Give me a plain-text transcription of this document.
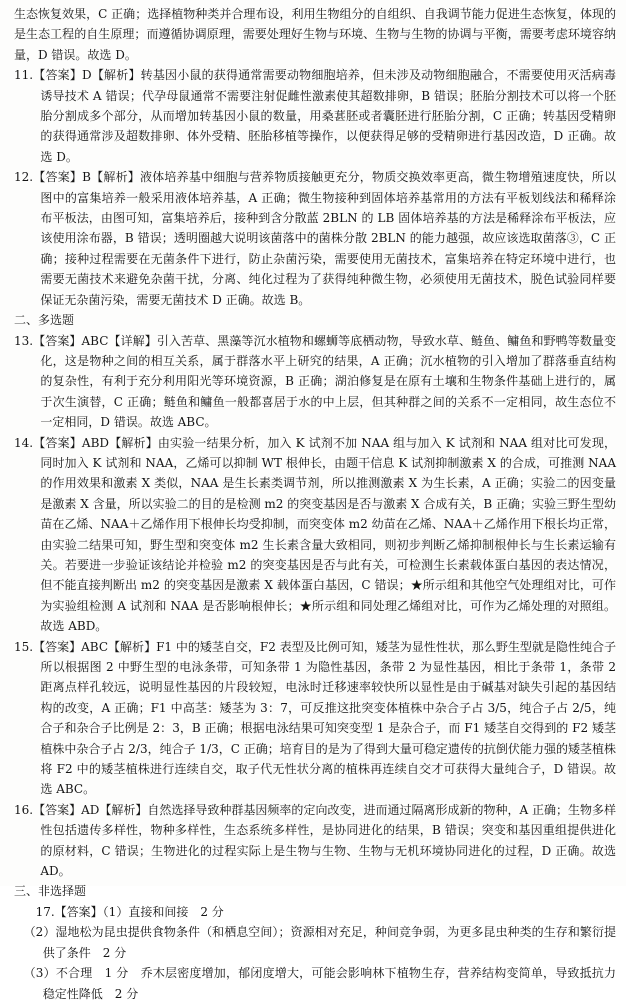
生态恢复效果，C 正确；选择植物种类并合理布设，利用生物组分的自组织、自我调节能力促进生态恢复，体现的是生态工程的自生原理；而遵循协调原理，需要处理好生物与环境、生物与生物的协调与平衡，需要考虑环境容纳量，D 错误。故选 D。

11.【答案】D【解析】转基因小鼠的获得通常需要动物细胞培养，但未涉及动物细胞融合，不需要使用灭活病毒诱导技术 A 错误；代孕母鼠通常不需要注射促雌性激素使其超数排卵，B 错误；胚胎分割技术可以将一个胚胎分割成多个部分，从而增加转基因小鼠的数量，用桑葚胚或者囊胚进行胚胎分割，C 正确；转基因受精卵的获得通常涉及超数排卵、体外受精、胚胎移植等操作，以便获得足够的受精卵进行基因改造，D 正确。故选 D。

12.【答案】B【解析】液体培养基中细胞与营养物质接触更充分，物质交换效率更高，微生物增殖速度快，所以图中的富集培养一般采用液体培养基，A 正确；微生物接种到固体培养基常用的方法有平板划线法和稀释涂布平板法，由图可知，富集培养后，接种到含分散蓝 2BLN 的 LB 固体培养基的方法是稀释涂布平板法，应该使用涂布器，B 错误；透明圈越大说明该菌落中的菌株分散 2BLN 的能力越强，故应该选取菌落③，C 正确；接种过程需要在无菌条件下进行，防止杂菌污染，需要使用无菌技术，富集培养在特定环境中进行，也需要无菌技术来避免杂菌干扰，分离、纯化过程为了获得纯种微生物，必须使用无菌技术，脱色试验同样要保证无杂菌污染，需要无菌技术 D 正确。故选 B。

二、多选题

13.【答案】ABC【详解】引入苦草、黑藻等沉水植物和螺蛳等底栖动物，导致水草、鲢鱼、鳙鱼和野鸭等数量变化，这是物种之间的相互关系，属于群落水平上研究的结果，A 正确；沉水植物的引入增加了群落垂直结构的复杂性，有利于充分利用阳光等环境资源，B 正确；湖泊修复是在原有土壤和生物条件基础上进行的，属于次生演替，C 正确；鲢鱼和鳙鱼一般都喜居于水的中上层，但其种群之间的关系不一定相同，故生态位不一定相同，D 错误。故选 ABC。

14.【答案】ABD【解析】由实验一结果分析，加入 K 试剂不加 NAA 组与加入 K 试剂和 NAA 组对比可发现，同时加入 K 试剂和 NAA，乙烯可以抑制 WT 根伸长，由题干信息 K 试剂抑制激素 X 的合成，可推测 NAA 的作用效果和激素 X 类似，NAA 是生长素类调节剂，所以推测激素 X 为生长素，A 正确；实验二的因变量是激素 X 含量，所以实验二的目的是检测 m2 的突变基因是否与激素 X 合成有关，B 正确；实验三野生型幼苗在乙烯、NAA＋乙烯作用下根伸长均受抑制，而突变体 m2 幼苗在乙烯、NAA＋乙烯作用下根长均正常，由实验二结果可知，野生型和突变体 m2 生长素含量大致相同，则初步判断乙烯抑制根伸长与生长素运输有关。若要进一步验证该结论并检验 m2 的突变基因是否与此有关，可检测生长素载体蛋白基因的表达情况，但不能直接判断出 m2 的突变基因是激素 X 载体蛋白基因，C 错误；★所示组和其他空气处理组对比，可作为实验组检测 A 试剂和 NAA 是否影响根伸长；★所示组和同处理乙烯组对比，可作为乙烯处理的对照组。故选 ABD。

15.【答案】ABC【解析】F1 中的矮茎自交，F2 表型及比例可知，矮茎为显性性状，那么野生型就是隐性纯合子所以根据图 2 中野生型的电泳条带，可知条带 1 为隐性基因，条带 2 为显性基因，相比于条带 1，条带 2 距离点样孔较远，说明显性基因的片段较短，电泳时迁移速率较快所以显性是由于碱基对缺失引起的基因结构的改变，A 正确；F1 中高茎：矮茎为 3：7，可反推这批突变体植株中杂合子占 3/5，纯合子占 2/5，纯合子和杂合子比例是 2：3，B 正确；根据电泳结果可知突变型 1 是杂合子，而 F1 矮茎自交得到的 F2 矮茎植株中杂合子占 2/3，纯合子 1/3，C 正确；培育目的是为了得到大量可稳定遗传的抗倒伏能力强的矮茎植株将 F2 中的矮茎植株进行连续自交，取子代无性状分离的植株再连续自交才可获得大量纯合子，D 错误。故选 ABC。

16.【答案】AD【解析】自然选择导致种群基因频率的定向改变，进而通过隔离形成新的物种，A 正确；生物多样性包括遗传多样性，物种多样性，生态系统多样性，是协同进化的结果，B 错误；突变和基因重组提供进化的原材料，C 错误；生物进化的过程实际上是生物与生物、生物与无机环境协同进化的过程，D 正确。故选 AD。

三、非选择题

17.【答案】（1）直接和间接　2 分

（2）湿地松为昆虫提供食物条件（和栖息空间）；资源相对充足，种间竞争弱，为更多昆虫种类的生存和繁衍提供了条件　2 分

（3）不合理　1 分　乔木层密度增加，郁闭度增大，可能会影响林下植物生存，营养结构变简单，导致抵抗力稳定性降低　2 分
